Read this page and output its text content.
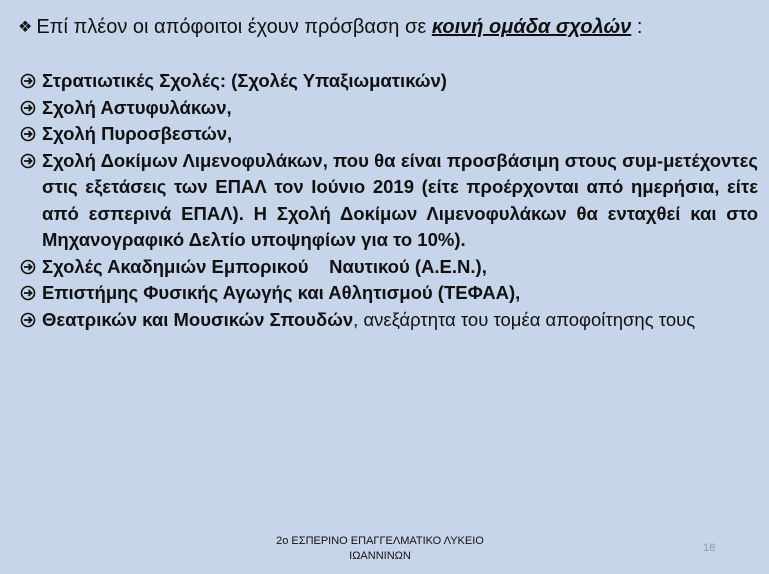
❖ Επί πλέον οι απόφοιτοι έχουν πρόσβαση σε κοινή ομάδα σχολών :
Στρατιωτικές Σχολές: (Σχολές Υπαξιωματικών)
Σχολή Αστυφυλάκων,
Σχολή Πυροσβεστών,
Σχολή Δοκίμων Λιμενοφυλάκων, που θα είναι προσβάσιμη στους συμ-μετέχοντες στις εξετάσεις των ΕΠΑΛ τον Ιούνιο 2019 (είτε προέρχονται από ημερήσια, είτε από εσπερινά ΕΠΑΛ). Η Σχολή Δοκίμων Λιμενοφυλάκων θα ενταχθεί και στο Μηχανογραφικό Δελτίο υποψηφίων για το 10%).
Σχολές Ακαδημιών Εμπορικού    Ναυτικού (Α.Ε.Ν.),
Επιστήμης Φυσικής Αγωγής και Αθλητισμού (ΤΕΦΑΑ),
Θεατρικών και Μουσικών Σπουδών, ανεξάρτητα του τομέα αποφοίτησης τους
2ο ΕΣΠΕΡΙΝΟ ΕΠΑΓΓΕΛΜΑΤΙΚΟ ΛΥΚΕΙΟ
ΙΩΑΝΝΙΝΩΝ
18
